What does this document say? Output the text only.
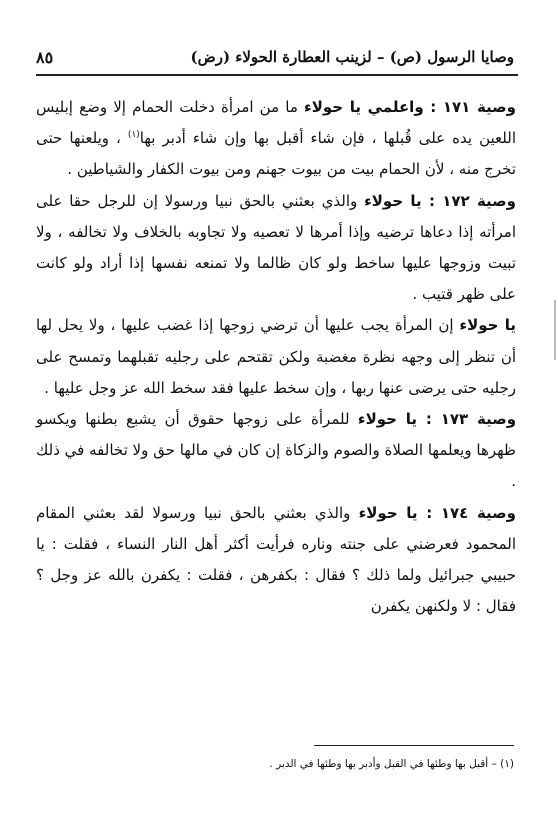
وصايا الرسول (ص) – لزينب العطارة الحولاء (رض)
٨٥

وصية ١٧١ : واعلمي يا حولاء ما من امرأة دخلت الحمام إلا وضع إبليس اللعين يده على قُبلها ، فإن شاء أقبل بها وإن شاء أدبر بها$^{(١)}$ ، ويلعنها حتى تخرج منه ، لأن الحمام بيت من بيوت جهنم ومن بيوت الكفار والشياطين .

وصية ١٧٢ : يا حولاء والذي بعثني بالحق نبيا ورسولا إن للرجل حقا على امرأته إذا دعاها ترضيه وإذا أمرها لا تعصيه ولا تجاوبه بالخلاف ولا تخالفه ، ولا تبيت وزوجها عليها ساخط ولو كان ظالما ولا تمنعه نفسها إذا أراد ولو كانت على ظهر قتيب .

يا حولاء إن المرأة يجب عليها أن ترضي زوجها إذا غضب عليها ، ولا يحل لها أن تنظر إلى وجهه نظرة مغضبة ولكن تقتحم على رجليه تقبلهما وتمسح على رجليه حتى يرضى عنها ربها ، وإن سخط عليها فقد سخط الله عز وجل عليها .

وصية ١٧٣ : يا حولاء للمرأة على زوجها حقوق أن يشبع بطنها ويكسو ظهرها ويعلمها الصلاة والصوم والزكاة إن كان في مالها حق ولا تخالفه في ذلك .

وصية ١٧٤ : يا حولاء والذي بعثني بالحق نبيا ورسولا لقد بعثني المقام المحمود فعرضني على جنته وناره فرأيت أكثر أهل النار النساء ، فقلت : يا حبيبي جبرائيل ولما ذلك ؟ فقال : بكفرهن ، فقلت : يكفرن بالله عز وجل ؟ فقال : لا ولكنهن يكفرن

(١) – أقبل بها وطئها في القبل وأدبر بها وطئها في الدبر .
